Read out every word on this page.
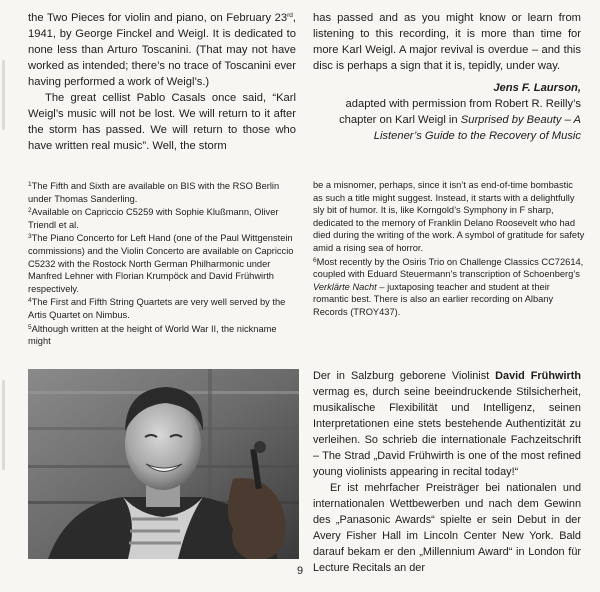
the Two Pieces for violin and piano, on February 23rd, 1941, by George Finckel and Weigl. It is dedicated to none less than Arturo Toscanini. (That may not have worked as intended; there’s no trace of Toscanini ever having performed a work of Weigl’s.)

The great cellist Pablo Casals once said, “Karl Weigl’s music will not be lost. We will return to it after the storm has passed. We will return to those who have written real music”. Well, the storm

has passed and as you might know or learn from listening to this recording, it is more than time for more Karl Weigl. A major revival is overdue – and this disc is perhaps a sign that it is, tepidly, under way.

Jens F. Laurson,

adapted with permission from Robert R. Reilly’s
chapter on Karl Weigl in Surprised by Beauty – A Listener’s Guide to the Recovery of Music

$^1$The Fifth and Sixth are available on BIS with the RSO Berlin under Thomas Sanderling.

$^2$Available on Capriccio C5259 with Sophie Klußmann, Oliver Triendl et al.

$^3$The Piano Concerto for Left Hand (one of the Paul Wittgenstein commissions) and the Violin Concerto are available on Capriccio C5232 with the Rostock North German Philharmonic under Manfred Lehner with Florian Krumpöck and David Frühwirth respectively.

$^4$The First and Fifth String Quartets are very well served by the Artis Quartet on Nimbus.

$^5$Although written at the height of World War II, the nickname might

be a misnomer, perhaps, since it isn’t as end-of-time bombastic as such a title might suggest. Instead, it starts with a delightfully sly bit of humor. It is, like Korngold’s Symphony in F sharp, dedicated to the memory of Franklin Delano Roosevelt who had died during the writing of the work. A symbol of gratitude for safety amid a rising sea of horror.

$^6$Most recently by the Osiris Trio on Challenge Classics CC72614, coupled with Eduard Steuermann’s transcription of Schoenberg’s Verklärte Nacht – juxtaposing teacher and student at their romantic best. There is also an earlier recording on Albany Records (TROY437).

Der in Salzburg geborene Violinist David Frühwirth vermag es, durch seine beeindruckende Stilsicherheit, musikalische Flexibilität und Intelligenz, seinen Interpretationen eine stets bestehende Authentizität zu verleihen. So schrieb die internationale Fachzeitschrift – The Strad „David Frühwirth is one of the most refined young violinists appearing in recital today!“

Er ist mehrfacher Preisträger bei nationalen und internationalen Wettbewerben und nach dem Gewinn des „Panasonic Awards“ spielte er sein Debut in der Avery Fisher Hall im Lincoln Center New York. Bald darauf bekam er den „Millennium Award“ in London für Lecture Recitals an der

9
